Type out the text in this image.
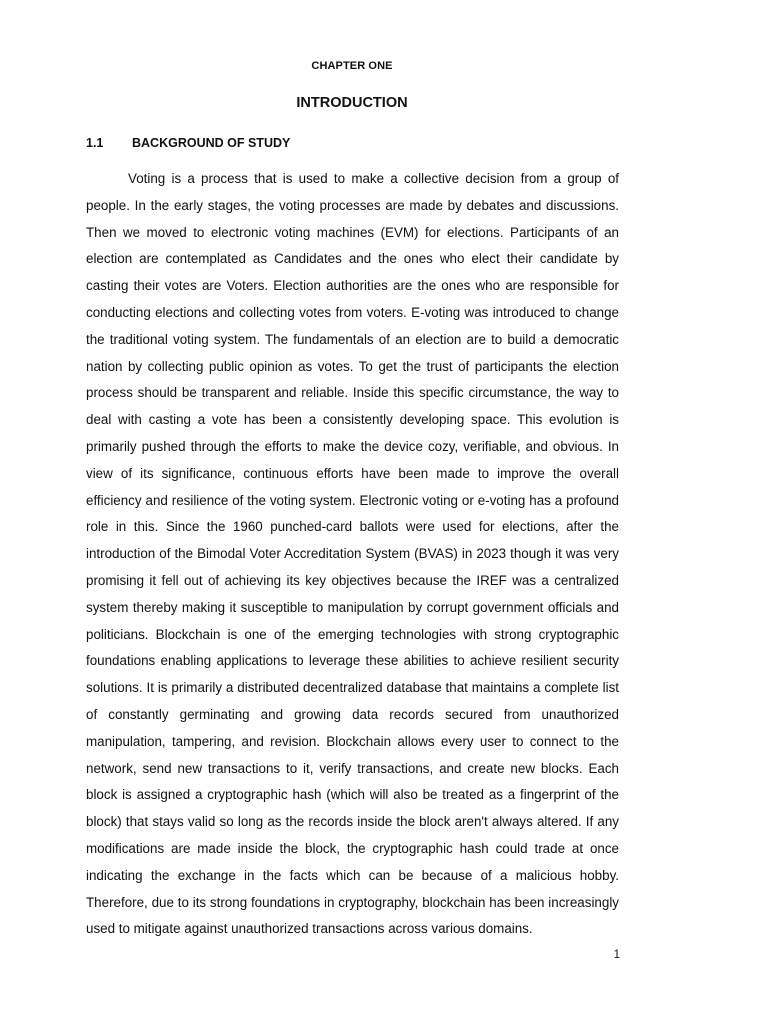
CHAPTER ONE
INTRODUCTION
1.1 BACKGROUND OF STUDY

Voting is a process that is used to make a collective decision from a group of people. In the early stages, the voting processes are made by debates and discussions. Then we moved to electronic voting machines (EVM) for elections. Participants of an election are contemplated as Candidates and the ones who elect their candidate by casting their votes are Voters. Election authorities are the ones who are responsible for conducting elections and collecting votes from voters. E-voting was introduced to change the traditional voting system. The fundamentals of an election are to build a democratic nation by collecting public opinion as votes. To get the trust of participants the election process should be transparent and reliable. Inside this specific circumstance, the way to deal with casting a vote has been a consistently developing space. This evolution is primarily pushed through the efforts to make the device cozy, verifiable, and obvious. In view of its significance, continuous efforts have been made to improve the overall efficiency and resilience of the voting system. Electronic voting or e-voting has a profound role in this. Since the 1960 punched-card ballots were used for elections, after the introduction of the Bimodal Voter Accreditation System (BVAS) in 2023 though it was very promising it fell out of achieving its key objectives because the IREF was a centralized system thereby making it susceptible to manipulation by corrupt government officials and politicians. Blockchain is one of the emerging technologies with strong cryptographic foundations enabling applications to leverage these abilities to achieve resilient security solutions. It is primarily a distributed decentralized database that maintains a complete list of constantly germinating and growing data records secured from unauthorized manipulation, tampering, and revision. Blockchain allows every user to connect to the network, send new transactions to it, verify transactions, and create new blocks. Each block is assigned a cryptographic hash (which will also be treated as a fingerprint of the block) that stays valid so long as the records inside the block aren't always altered. If any modifications are made inside the block, the cryptographic hash could trade at once indicating the exchange in the facts which can be because of a malicious hobby. Therefore, due to its strong foundations in cryptography, blockchain has been increasingly used to mitigate against unauthorized transactions across various domains.

1
